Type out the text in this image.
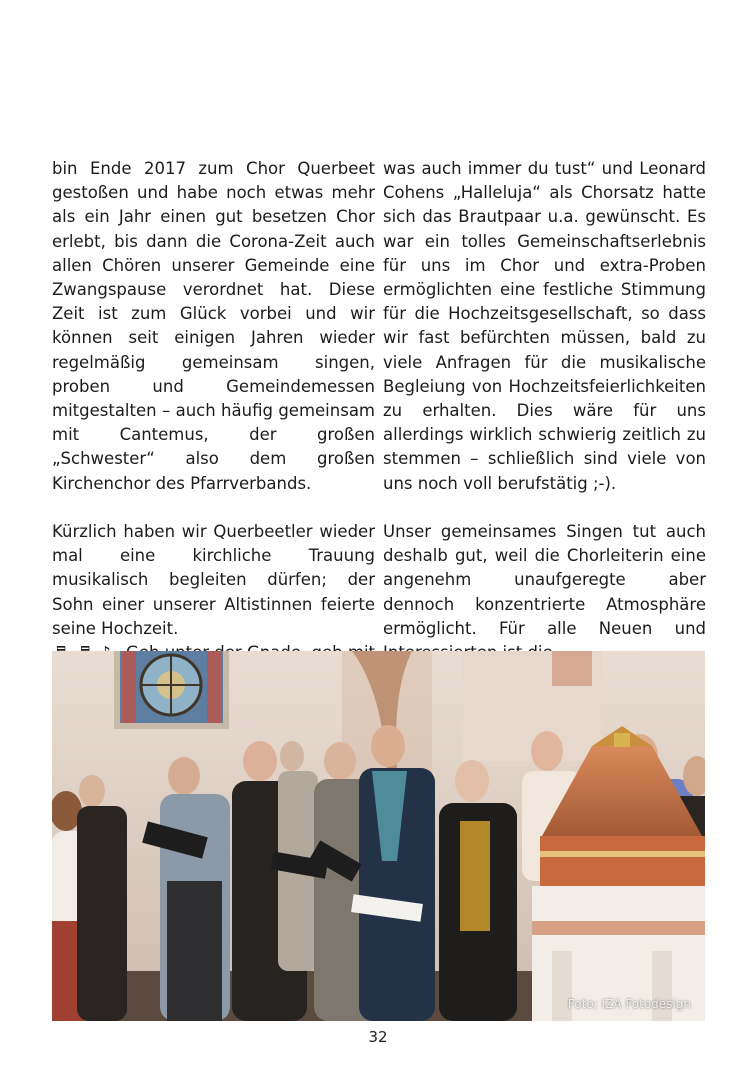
bin Ende 2017 zum Chor Querbeet gestoßen und habe noch etwas mehr als ein Jahr einen gut besetzen Chor erlebt, bis dann die Corona-Zeit auch allen Chören unserer Gemeinde eine Zwangspause verordnet hat. Diese Zeit ist zum Glück vorbei und wir können seit einigen Jahren wieder regelmäßig gemeinsam singen, proben und Gemeindemessen mitgestalten – auch häufig gemeinsam mit Cantemus, der großen „Schwester“ also dem großen Kirchenchor des Pfarrverbands.

Kürzlich haben wir Querbeetler wieder mal eine kirchliche Trauung musikalisch begleiten dürfen; der Sohn einer unserer Altistinnen feierte seine Hochzeit.

was auch immer du tust“ und Leonard Cohens „Halleluja“ als Chorsatz hatte sich das Brautpaar u.a. gewünscht. Es war ein tolles Gemeinschaftserlebnis für uns im Chor und extra-Proben ermöglichten eine festliche Stimmung für die Hochzeitsgesellschaft, so dass wir fast befürchten müssen, bald zu viele Anfragen für die musikalische Begleiung von Hochzeitsfeierlichkeiten zu erhalten. Dies wäre für uns allerdings wirklich schwierig zeitlich zu stemmen – schließlich sind viele von uns noch voll berufstätig ;-).

Unser gemeinsames Singen tut auch deshalb gut, weil die Chorleiterin eine angenehm unaufgeregte aber dennoch konzentrierte Atmosphäre ermöglicht. Für alle Neuen und

Foto: IZA Fotodesign
32
